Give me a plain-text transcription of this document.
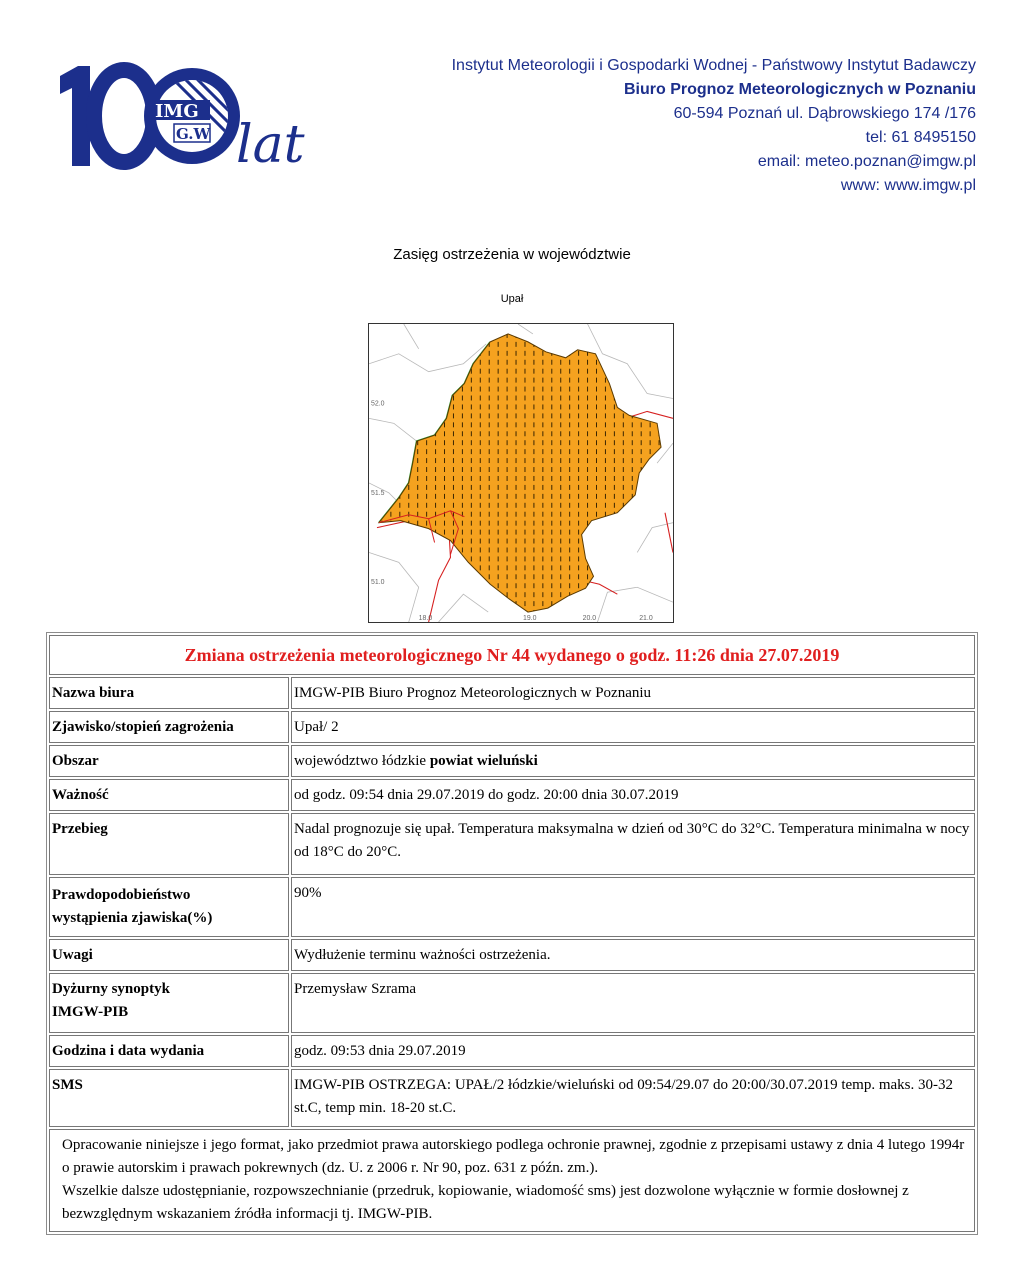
IMG
G.W lat
Instytut Meteorologii i Gospodarki Wodnej - Państwowy Instytut Badawczy
Biuro Prognoz Meteorologicznych w Poznaniu
60-594 Poznań ul. Dąbrowskiego 174 /176
tel: 61 8495150
email: meteo.poznan@imgw.pl
www: www.imgw.pl
Zasięg ostrzeżenia w województwie
Upał
52.0
51.5
51.0
18.0	19.0	20.0	21.0
Zmiana ostrzeżenia meteorologicznego Nr 44 wydanego o godz. 11:26 dnia 27.07.2019	
Nazwa biura	IMGW-PIB Biuro Prognoz Meteorologicznych w Poznaniu
Zjawisko/stopień zagrożenia	Upał/ 2
Obszar	województwo łódzkie powiat wieluński
Ważność	od godz. 09:54 dnia 29.07.2019 do godz. 20:00 dnia 30.07.2019
Przebieg	Nadal prognozuje się upał. Temperatura maksymalna w dzień od 30°C do 32°C. Temperatura minimalna w nocy od 18°C do 20°C.
Prawdopodobieństwo wystąpienia zjawiska(%)	90%
Uwagi	Wydłużenie terminu ważności ostrzeżenia.
Dyżurny synoptyk IMGW-PIB	Przemysław Szrama
Godzina i data wydania	godz. 09:53 dnia 29.07.2019
SMS	IMGW-PIB OSTRZEGA: UPAŁ/2 łódzkie/wieluński od 09:54/29.07 do 20:00/30.07.2019 temp. maks. 30-32 st.C, temp min. 18-20 st.C.

Opracowanie niniejsze i jego format, jako przedmiot prawa autorskiego podlega ochronie prawnej, zgodnie z przepisami ustawy z dnia 4 lutego 1994r o prawie autorskim i prawach pokrewnych (dz. U. z 2006 r. Nr 90, poz. 631 z późn. zm.).
Wszelkie dalsze udostępnianie, rozpowszechnianie (przedruk, kopiowanie, wiadomość sms) jest dozwolone wyłącznie w formie dosłownej z bezwzględnym wskazaniem źródła informacji tj. IMGW-PIB.	
